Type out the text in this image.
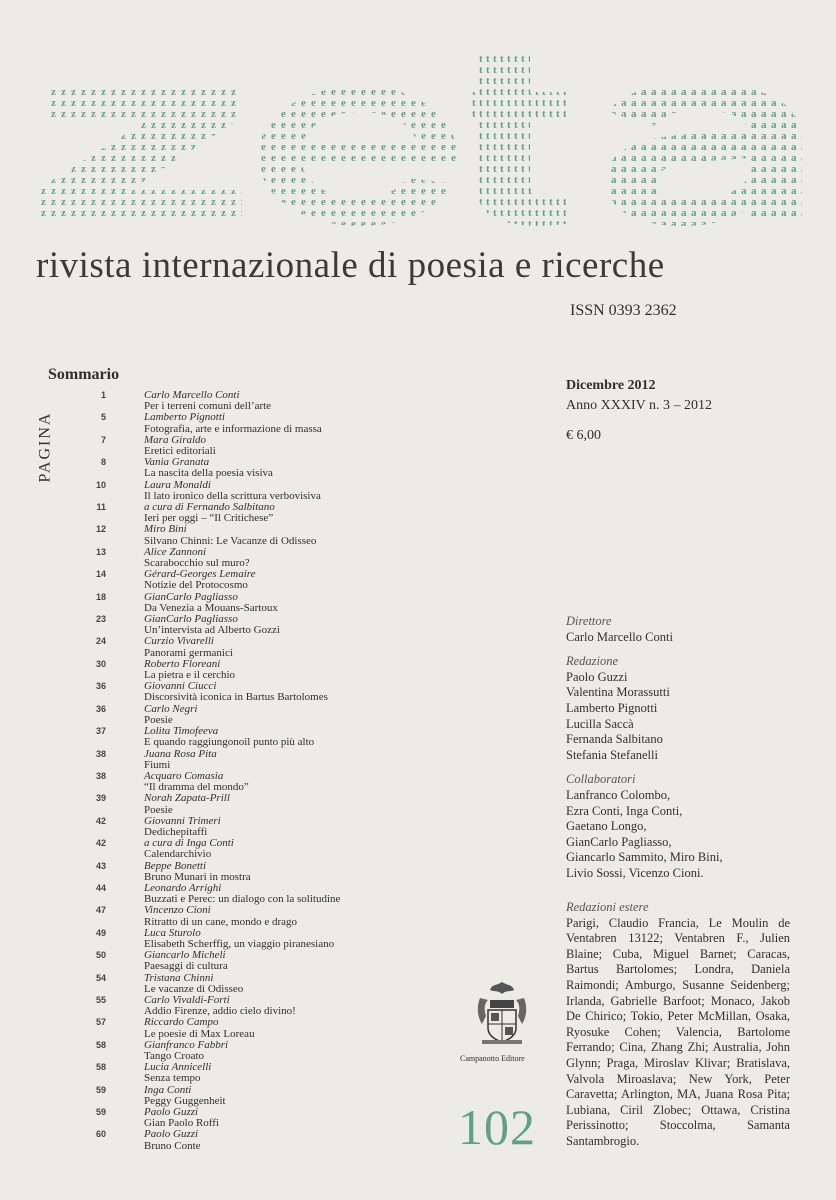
rivista internazionale di poesia e ricerche
ISSN 0393 2362
Sommario
PAGINA
1	Carlo Marcello Conti
Per i terreni comuni dell’arte
5	Lamberto Pignotti
Fotografia, arte e informazione di massa
7	Mara Giraldo
Eretici editoriali
8	Vania Granata
La nascita della poesia visiva
10	Laura Monaldi
Il lato ironico della scrittura verbovisiva
11	a cura di Fernando Salbitano
Ieri per oggi – “Il Critichese”
12	Miro Bini
Silvano Chinni: Le Vacanze di Odisseo
13	Alice Zannoni
Scarabocchio sul muro?
14	Gérard-Georges Lemaire
Notizie del Protocosmo
18	GianCarlo Pagliasso
Da Venezia a Mouans-Sartoux
23	GianCarlo Pagliasso
Un’intervista ad Alberto Gozzi
24	Curzio Vivarelli
Panorami germanici
30	Roberto Floreani
La pietra e il cerchio
36	Giovanni Ciucci
Discorsività iconica in Bartus Bartolomes
36	Carlo Negri
Poesie
37	Lolita Timofeeva
E quando raggiungonoil punto più alto
38	Juana Rosa Pita
Fiumi
38	Acquaro Comasia
“Il dramma del mondo”
39	Norah Zapata-Prill
Poesie
42	Giovanni Trimeri
Dedichepitaffi
42	a cura di Inga Conti
Calendarchivio
43	Beppe Bonetti
Bruno Munari in mostra
44	Leonardo Arrighi
Buzzati e Perec: un dialogo con la solitudine
47	Vincenzo Cioni
Ritratto di un cane, mondo e drago
49	Luca Sturolo
Elisabeth Scherffig, un viaggio piranesiano
50	Giancarlo Micheli
Paesaggi di cultura
54	Tristana Chinni
Le vacanze di Odisseo
55	Carlo Vivaldi-Forti
Addio Firenze, addio cielo divino!
57	Riccardo Campo
Le poesie di Max Loreau
58	Gianfranco Fabbri
Tango Croato
58	Lucia Annicelli
Senza tempo
59	Inga Conti
Peggy Guggenheit
59	Paolo Guzzi
Gian Paolo Roffi
60	Paolo Guzzi
Bruno Conte
Dicembre 2012
Anno XXXIV n. 3 – 2012
€ 6,00
Direttore
Carlo Marcello Conti
Redazione
Paolo Guzzi
Valentina Morassutti
Lamberto Pignotti
Lucilla Saccà
Fernanda Salbitano
Stefania Stefanelli
Collaboratori
Lanfranco Colombo,
Ezra Conti, Inga Conti,
Gaetano Longo,
GianCarlo Pagliasso,
Giancarlo Sammito, Miro Bini,
Livio Sossi, Vicenzo Cioni.
Redazioni estere
Parigi, Claudio Francia, Le Moulin de Ventabren 13122; Ventabren F., Julien Blaine; Cuba, Miguel Barnet; Caracas, Bartus Bartolomes; Londra, Daniela Raimondi; Amburgo, Susanne Seidenberg; Irlanda, Gabrielle Barfoot; Monaco, Jakob De Chirico; Tokio, Peter McMillan, Osaka, Ryosuke Cohen; Valencia, Bartolome Ferrando; Cina, Zhang Zhi; Australia, John Glynn; Praga, Miroslav Klivar; Bratislava, Valvola Miroaslava; New York, Peter Caravetta; Arlington, MA, Juana Rosa Pita; Lubiana, Ciril Zlobec; Ottawa, Cristina Perissinotto; Stoccolma, Samanta Santambrogio.
Campanotto Editore
102
